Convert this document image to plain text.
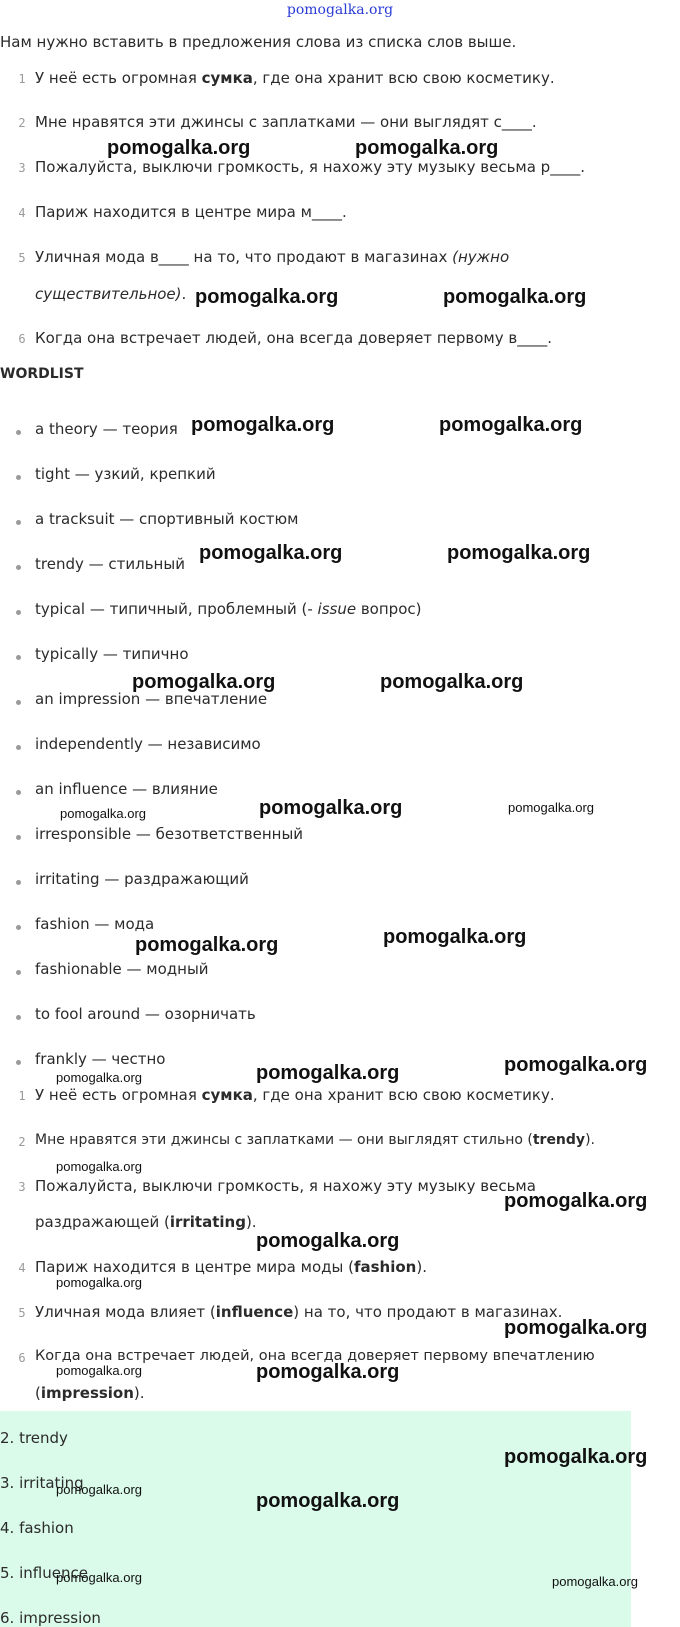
pomogalka.org
Нам нужно вставить в предложения слова из списка слов выше.
1 У неё есть огромная сумка, где она хранит всю свою косметику.
2 Мне нравятся эти джинсы с заплатками — они выглядят с____.
3 Пожалуйста, выключи громкость, я нахожу эту музыку весьма р____.
4 Париж находится в центре мира м____.
5 Уличная мода в____ на то, что продают в магазинах (нужно
существительное).
6 Когда она встречает людей, она всегда доверяет первому в____.
WORDLIST
a theory — теория
tight — узкий, крепкий
a tracksuit — спортивный костюм
trendy — стильный
typical — типичный, проблемный (- issue вопрос)
typically — типично
an impression — впечатление
independently — независимо
an influence — влияние
irresponsible — безответственный
irritating — раздражающий
fashion — мода
fashionable — модный
to fool around — озорничать
frankly — честно
1 У неё есть огромная сумка, где она хранит всю свою косметику.
2 Мне нравятся эти джинсы с заплатками — они выглядят стильно (trendy).
3 Пожалуйста, выключи громкость, я нахожу эту музыку весьма
раздражающей (irritating).
4 Париж находится в центре мира моды (fashion).
5 Уличная мода влияет (influence) на то, что продают в магазинах.
6 Когда она встречает людей, она всегда доверяет первому впечатлению
(impression).
2. trendy
3. irritating
4. fashion
5. influence
6. impression
pomogalka.org	pomogalka.org
pomogalka.org	pomogalka.org
pomogalka.org	pomogalka.org
pomogalka.org	pomogalka.org
pomogalka.org	pomogalka.org
pomogalka.org	pomogalka.org	pomogalka.org
pomogalka.org	pomogalka.org
pomogalka.org	pomogalka.org	pomogalka.org
pomogalka.org
pomogalka.org
pomogalka.org
pomogalka.org
pomogalka.org
pomogalka.org	pomogalka.org
pomogalka.org
pomogalka.org
pomogalka.org
pomogalka.org	pomogalka.org
